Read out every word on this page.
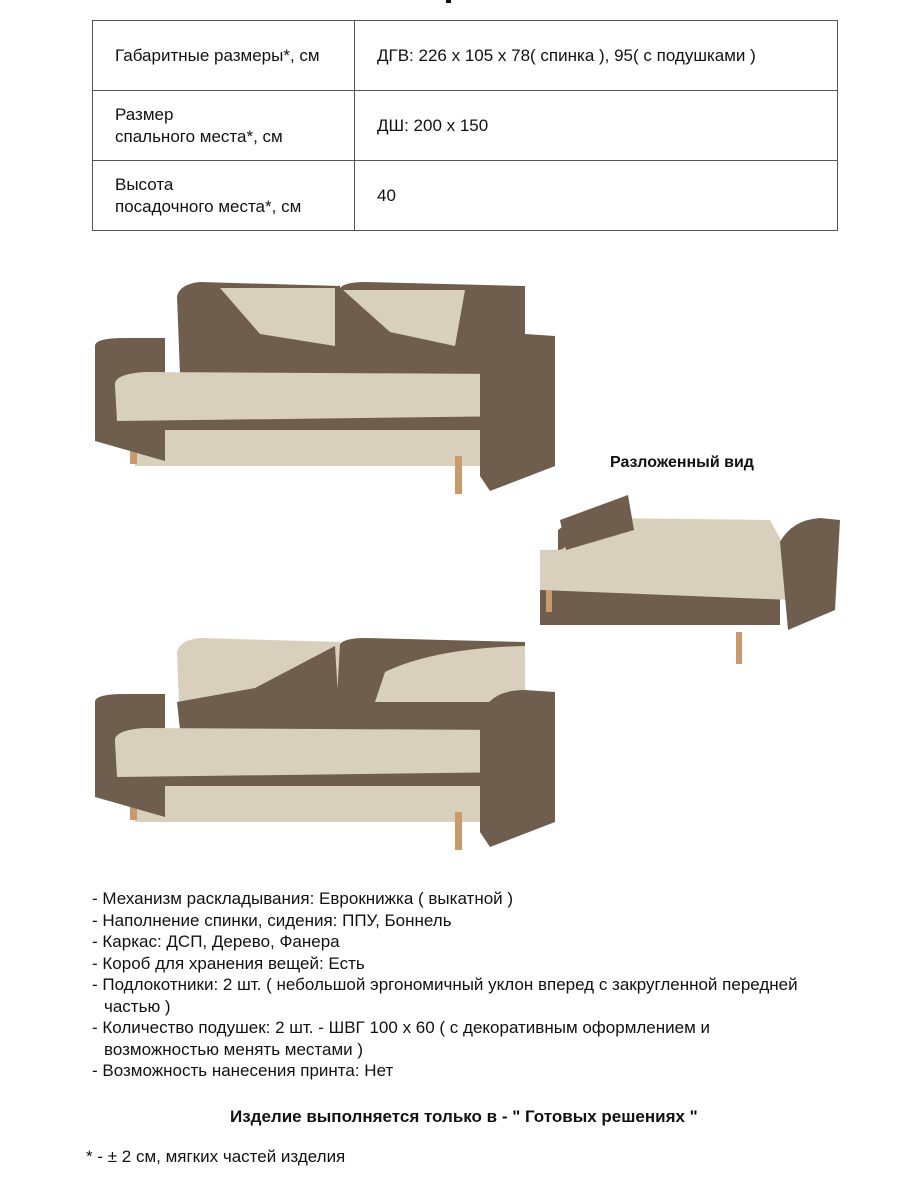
Габаритные размеры*, см	ДГВ: 226 х 105 х 78( спинка ), 95( с подушками )

Размер
спального места*, см	ДШ: 200 х 150

Высота
посадочного места*, см	40
Разложенный вид
- Механизм раскладывания: Еврокнижка ( выкатной )
- Наполнение спинки, сидения: ППУ, Боннель
- Каркас: ДСП, Дерево, Фанера
- Короб для хранения вещей: Есть
- Подлокотники: 2 шт. ( небольшой эргономичный уклон вперед с закругленной передней частью )
- Количество подушек: 2 шт. - ШВГ 100 х 60 ( с декоративным оформлением и возможностью менять местами )
- Возможность нанесения принта: Нет
Изделие выполняется только в - " Готовых решениях "
* - ± 2 см, мягких частей изделия
